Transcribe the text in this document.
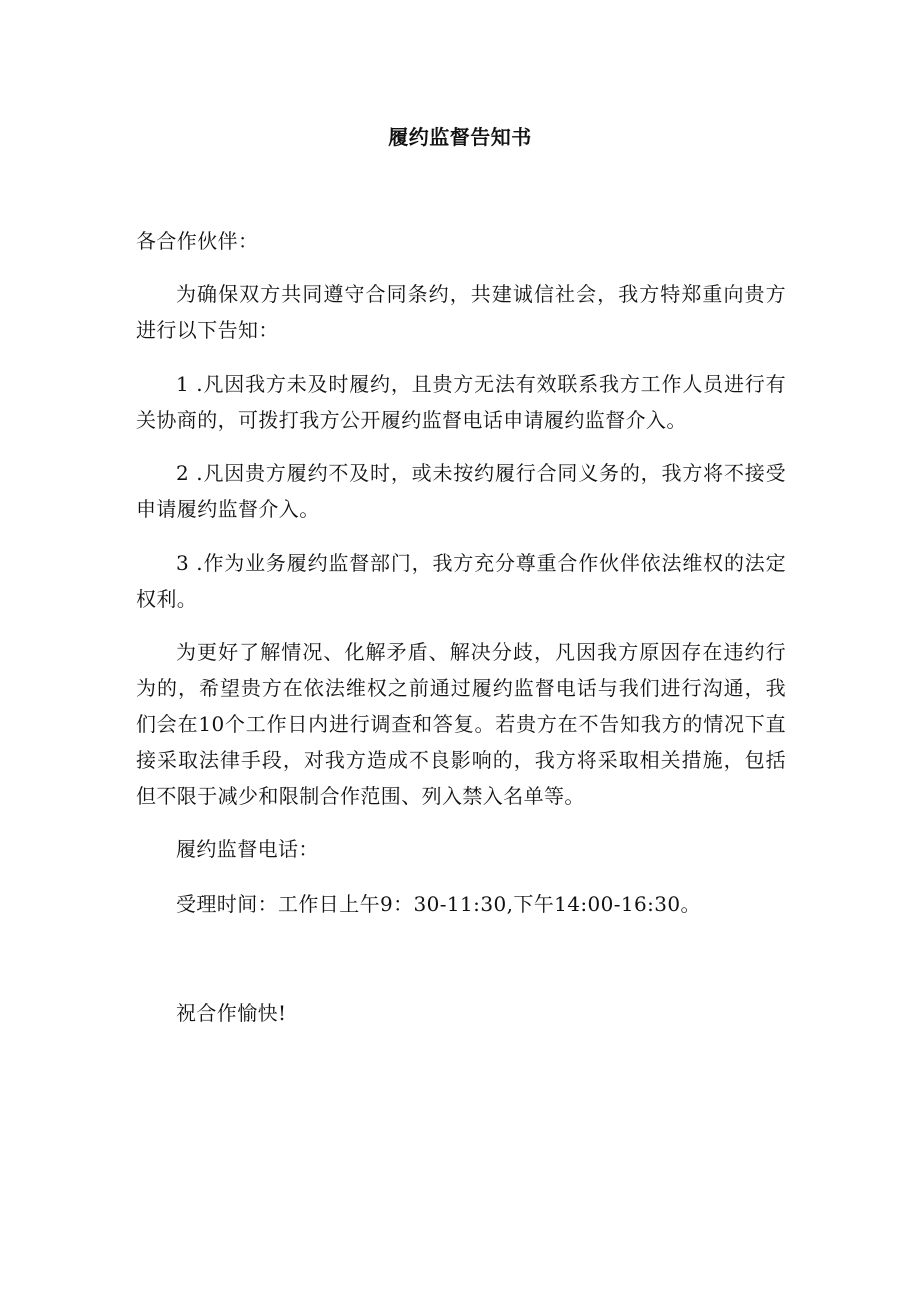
履约监督告知书
各合作伙伴：
为确保双方共同遵守合同条约，共建诚信社会，我方特郑重向贵方进行以下告知：
1 .凡因我方未及时履约，且贵方无法有效联系我方工作人员进行有关协商的，可拨打我方公开履约监督电话申请履约监督介入。
2 .凡因贵方履约不及时，或未按约履行合同义务的，我方将不接受申请履约监督介入。
3 .作为业务履约监督部门，我方充分尊重合作伙伴依法维权的法定权利。
为更好了解情况、化解矛盾、解决分歧，凡因我方原因存在违约行为的，希望贵方在依法维权之前通过履约监督电话与我们进行沟通，我们会在10个工作日内进行调查和答复。若贵方在不告知我方的情况下直接采取法律手段，对我方造成不良影响的，我方将采取相关措施，包括但不限于减少和限制合作范围、列入禁入名单等。
履约监督电话：
受理时间：工作日上午9：30-11:30,下午14:00-16:30。
祝合作愉快!
